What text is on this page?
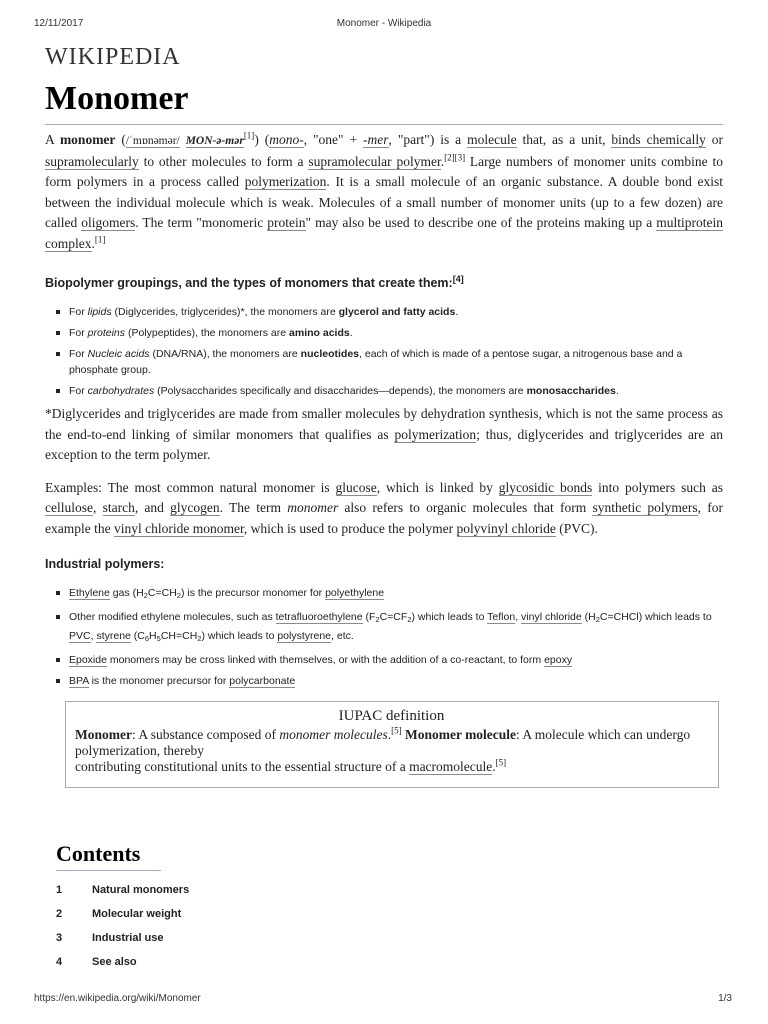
12/11/2017	Monomer - Wikipedia
WIKIPEDIA
Monomer

A monomer (/ˈmɒnəmər/ MON-ə-mər[1]) (mono-, "one" + -mer, "part") is a molecule that, as a unit, binds chemically or supramolecularly to other molecules to form a supramolecular polymer.[2][3] Large numbers of monomer units combine to form polymers in a process called polymerization. It is a small molecule of an organic substance. A double bond exist between the individual molecule which is weak. Molecules of a small number of monomer units (up to a few dozen) are called oligomers. The term "monomeric protein" may also be used to describe one of the proteins making up a multiprotein complex.[1]

Biopolymer groupings, and the types of monomers that create them:[4]
For lipids (Diglycerides, triglycerides)*, the monomers are glycerol and fatty acids.
For proteins (Polypeptides), the monomers are amino acids.
For Nucleic acids (DNA/RNA), the monomers are nucleotides, each of which is made of a pentose sugar, a nitrogenous base and a phosphate group.
For carbohydrates (Polysaccharides specifically and disaccharides—depends), the monomers are monosaccharides.

*Diglycerides and triglycerides are made from smaller molecules by dehydration synthesis, which is not the same process as the end-to-end linking of similar monomers that qualifies as polymerization; thus, diglycerides and triglycerides are an exception to the term polymer.

Examples: The most common natural monomer is glucose, which is linked by glycosidic bonds into polymers such as cellulose, starch, and glycogen. The term monomer also refers to organic molecules that form synthetic polymers, for example the vinyl chloride monomer, which is used to produce the polymer polyvinyl chloride (PVC).

Industrial polymers:
Ethylene gas $(H_2C=CH_2)$ is the precursor monomer for polyethylene
Other modified ethylene molecules, such as tetrafluoroethylene $(F_2C=CF_2)$ which leads to Teflon, vinyl chloride $(H_2C=CHCl)$ which leads to PVC, styrene $(C_6H_5CH=CH_2)$ which leads to polystyrene, etc.
Epoxide monomers may be cross linked with themselves, or with the addition of a co-reactant, to form epoxy
BPA is the monomer precursor for polycarbonate
IUPAC definition
Monomer: A substance composed of monomer molecules.[5] Monomer molecule: A molecule which can undergo polymerization, thereby
contributing constitutional units to the essential structure of a macromolecule.[5]
Contents
1	Natural monomers
2	Molecular weight
3	Industrial use
4	See also
https://en.wikipedia.org/wiki/Monomer	1/3
